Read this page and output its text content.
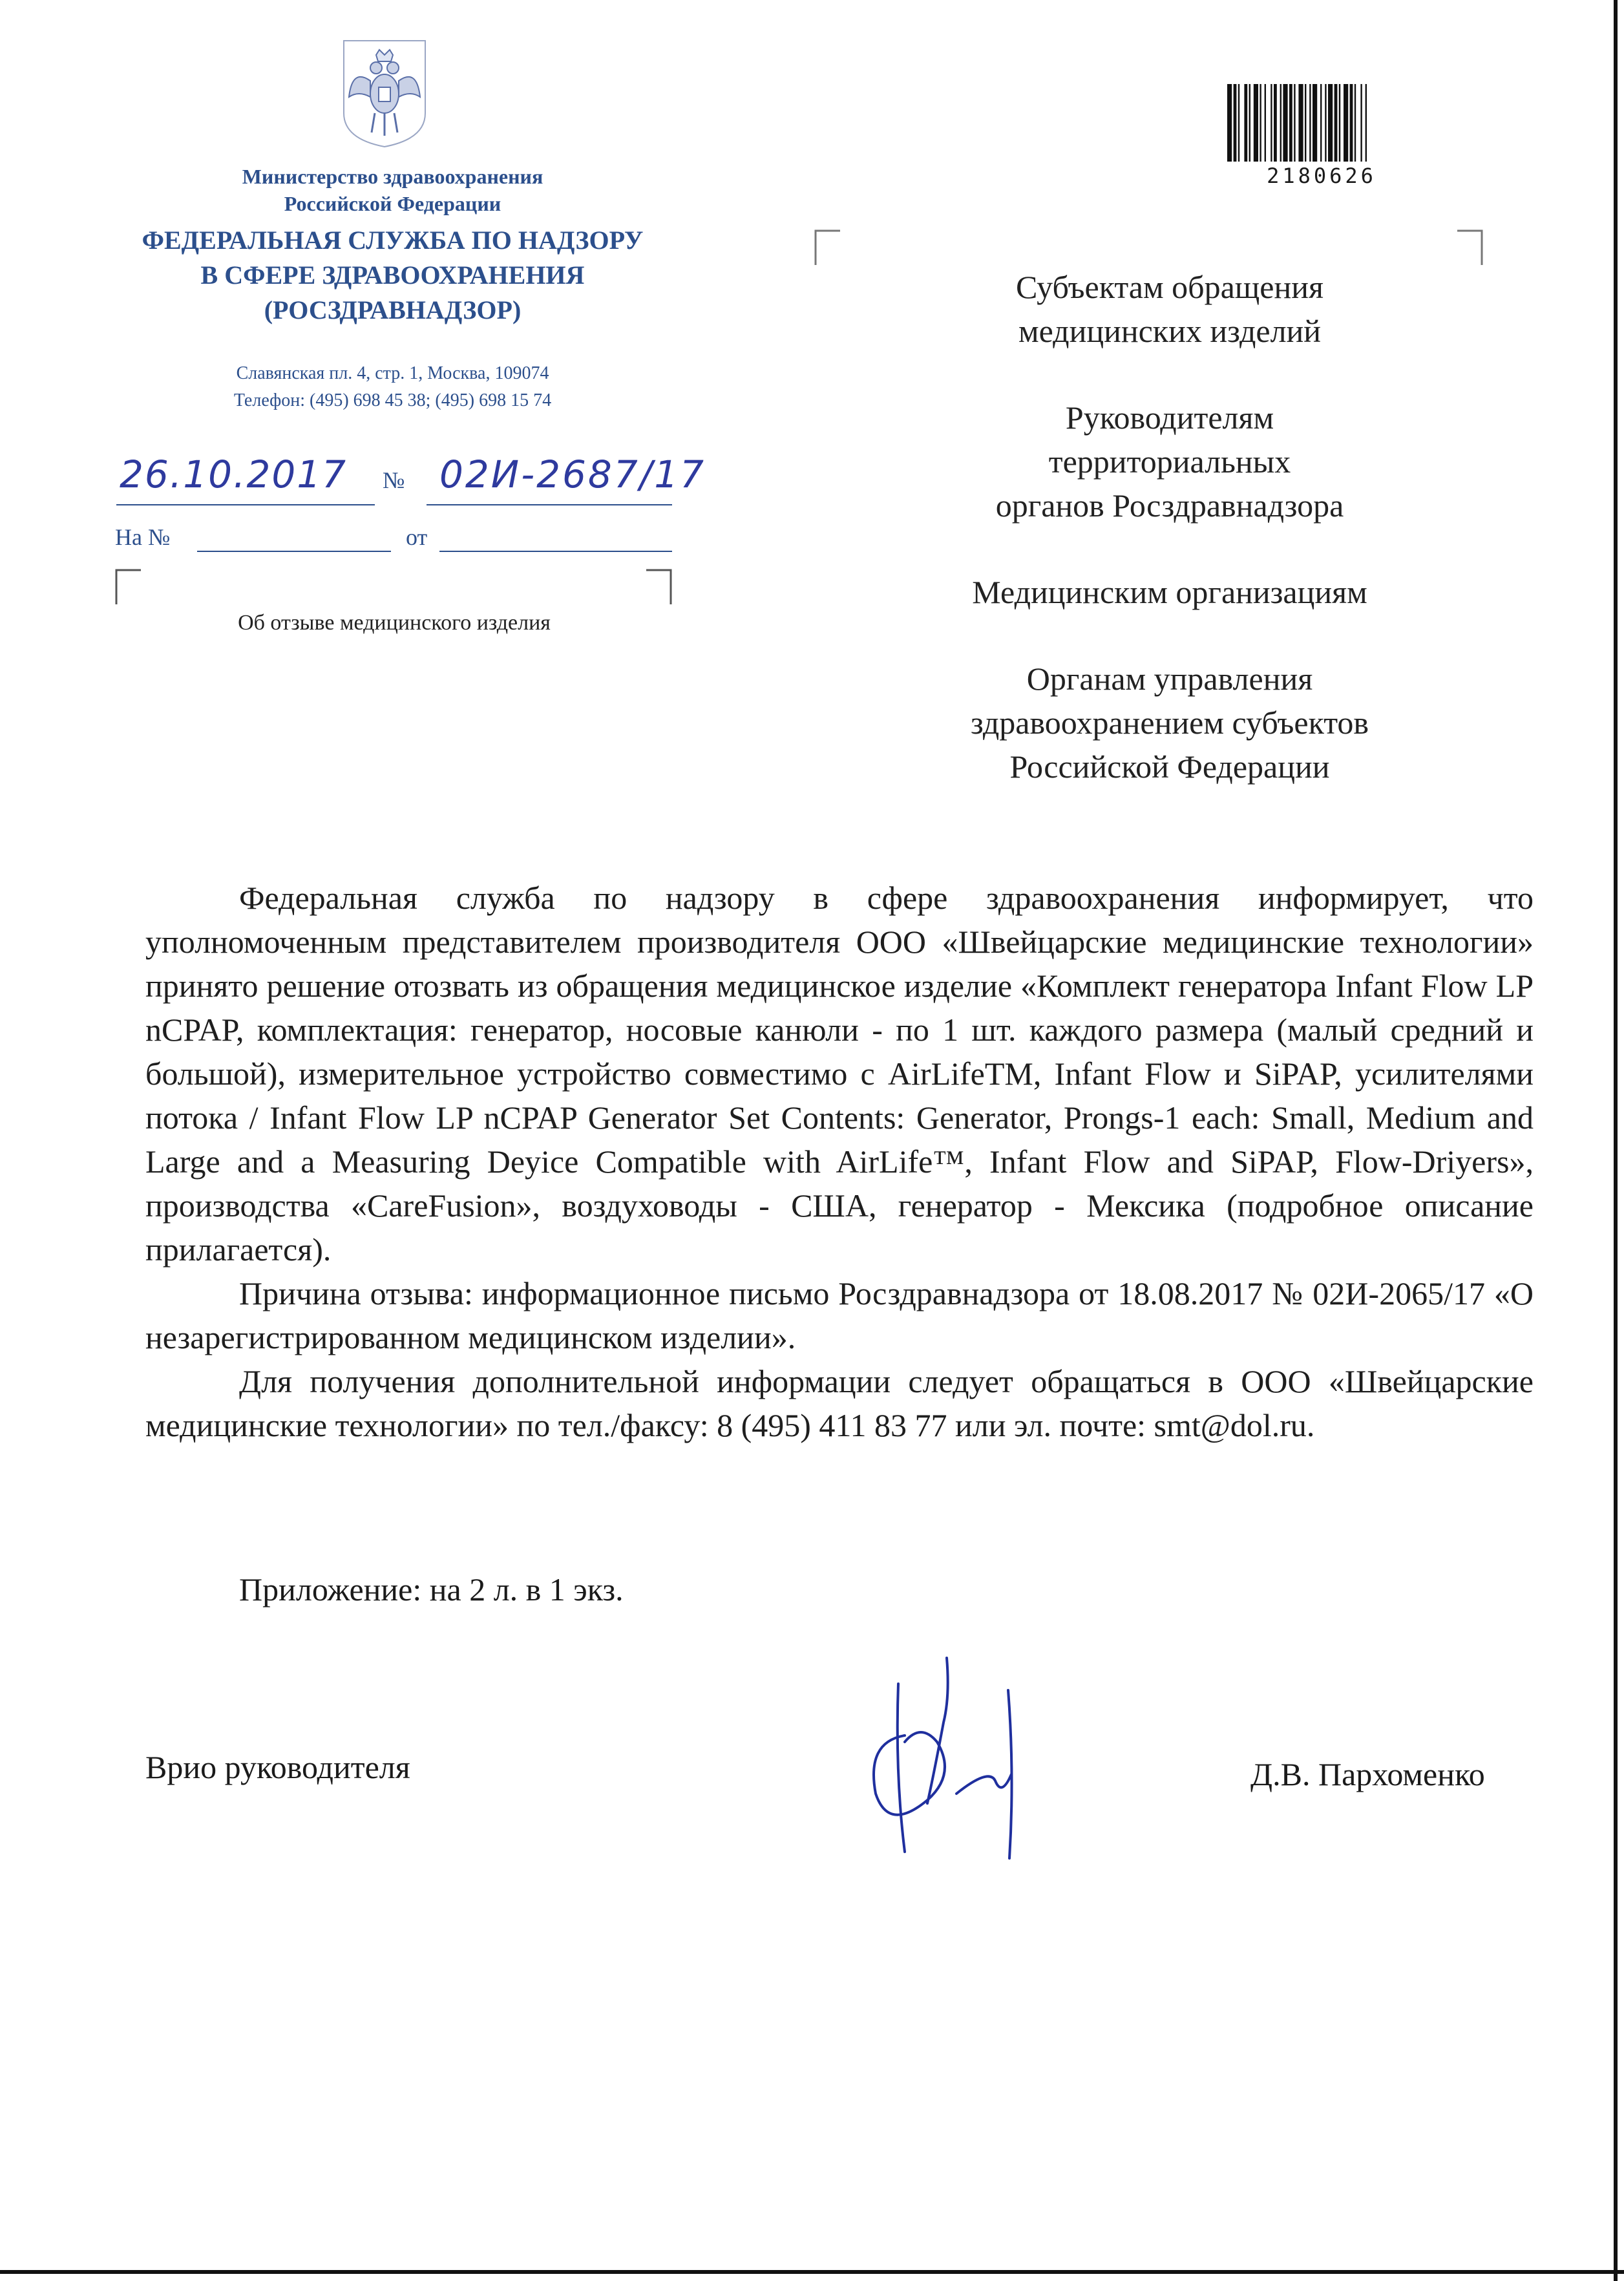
Министерство здравоохранения
Российской Федерации
ФЕДЕРАЛЬНАЯ СЛУЖБА ПО НАДЗОРУ
В СФЕРЕ ЗДРАВООХРАНЕНИЯ
(РОСЗДРАВНАДЗОР)
Славянская пл. 4, стр. 1, Москва, 109074
Телефон: (495) 698 45 38; (495) 698 15 74
26.10.2017 № 02И-2687/17
На №	от
Об отзыве медицинского изделия
2180626

Субъектам обращения
медицинских изделий

Руководителям
территориальных
органов Росздравнадзора

Медицинским организациям

Органам управления
здравоохранением субъектов
Российской Федерации

Федеральная служба по надзору в сфере здравоохранения информирует, что уполномоченным представителем производителя ООО «Швейцарские медицинские технологии» принято решение отозвать из обращения медицинское изделие «Комплект генератора Infant Flow LP nCPAP, комплектация: генератор, носовые канюли - по 1 шт. каждого размера (малый средний и большой), измерительное устройство совместимо с AirLifeTM, Infant Flow и SiPAP, усилителями потока / Infant Flow LP nCPAP Generator Set Contents: Generator, Prongs-1 each: Small, Medium and Large and a Measuring Deyice Compatible with AirLife™, Infant Flow and SiPAP, Flow-Driyers», производства «CareFusion», воздуховоды - США, генератор - Мексика (подробное описание прилагается).

Причина отзыва: информационное письмо Росздравнадзора от 18.08.2017 № 02И-2065/17 «О незарегистрированном медицинском изделии».

Для получения дополнительной информации следует обращаться в ООО «Швейцарские медицинские технологии» по тел./факсу: 8 (495) 411 83 77 или эл. почте: smt@dol.ru.

Приложение: на 2 л. в 1 экз.
Врио руководителя	Д.В. Пархоменко
